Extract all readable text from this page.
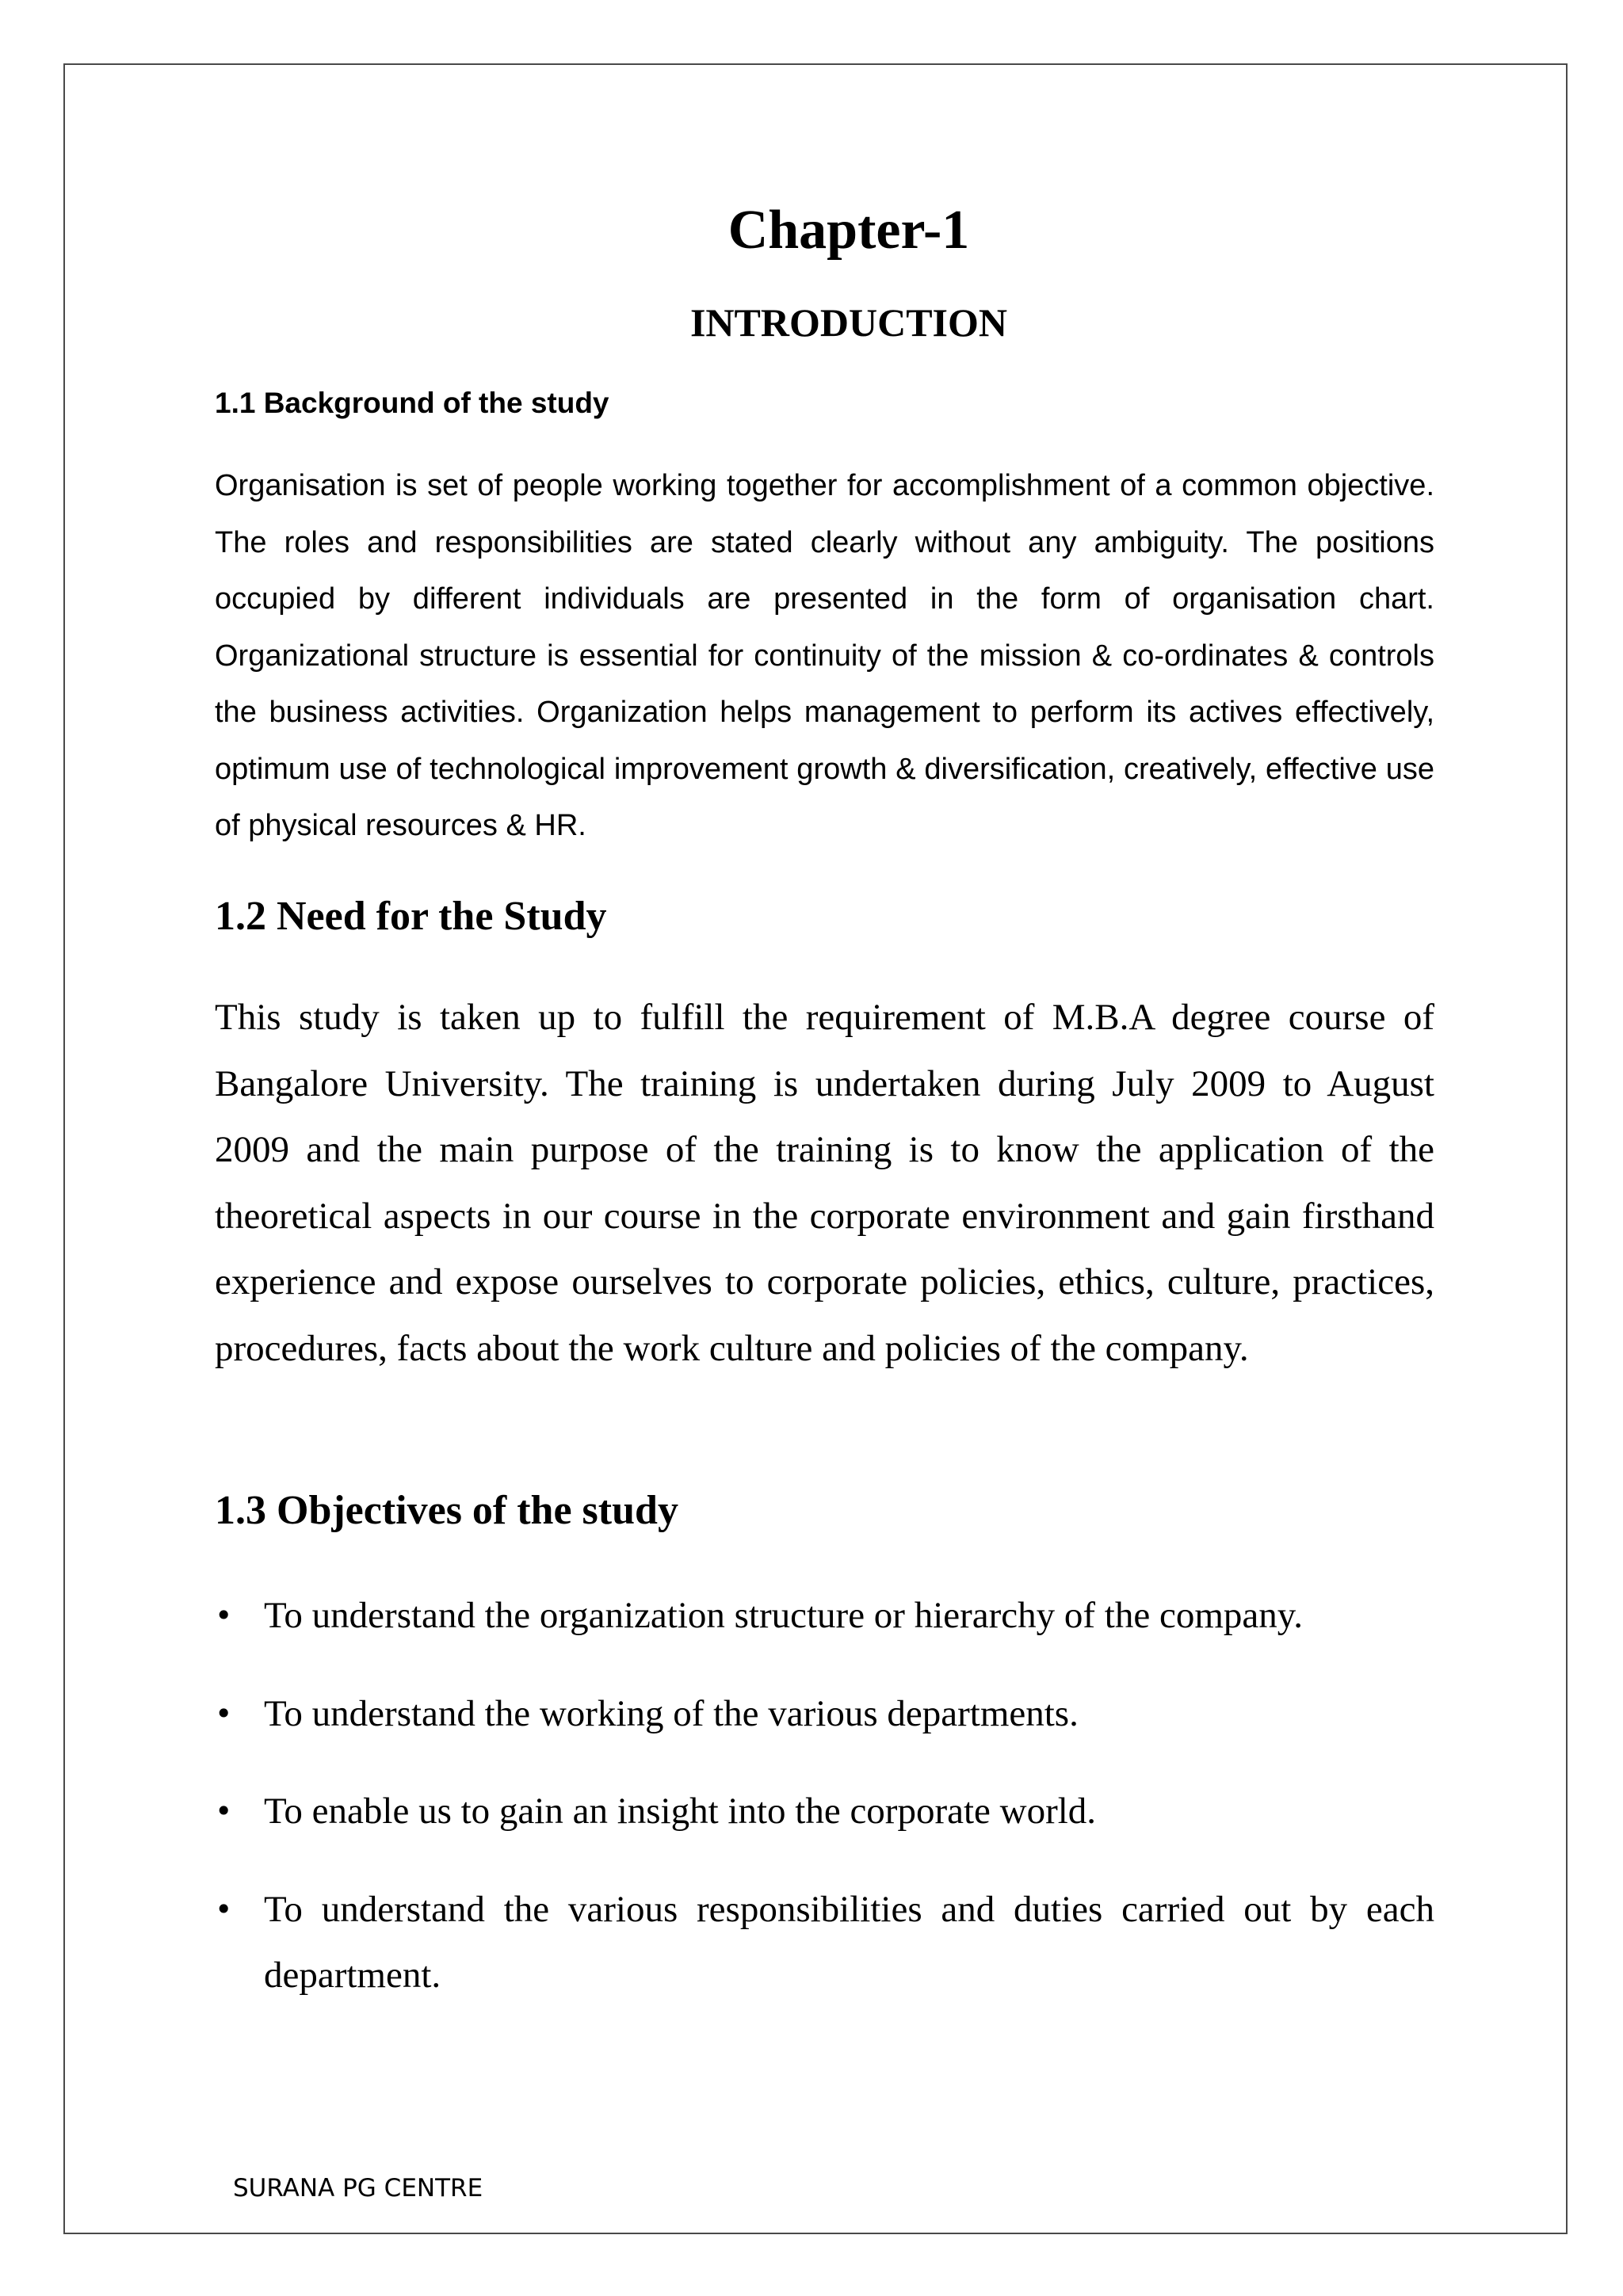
Chapter-1
INTRODUCTION
1.1 Background of the study

Organisation is set of people working together for accomplishment of a common objective. The roles and responsibilities are stated clearly without any ambiguity. The positions occupied by different individuals are presented in the form of organisation chart. Organizational structure is essential for continuity of the mission & co-ordinates & controls the business activities. Organization helps management to perform its actives effectively, optimum use of technological improvement growth & diversification, creatively, effective use of physical resources & HR.

1.2 Need for the Study

This study is taken up to fulfill the requirement of M.B.A degree course of Bangalore University. The training is undertaken during July 2009 to August 2009 and the main purpose of the training is to know the application of the theoretical aspects in our course in the corporate environment and gain firsthand experience and expose ourselves to corporate policies, ethics, culture, practices, procedures, facts about the work culture and policies of the company.

1.3 Objectives of the study
• To understand the organization structure or hierarchy of the company.
• To understand the working of the various departments.
• To enable us to gain an insight into the corporate world.
• To understand the various responsibilities and duties carried out by each department.

SURANA PG CENTRE
